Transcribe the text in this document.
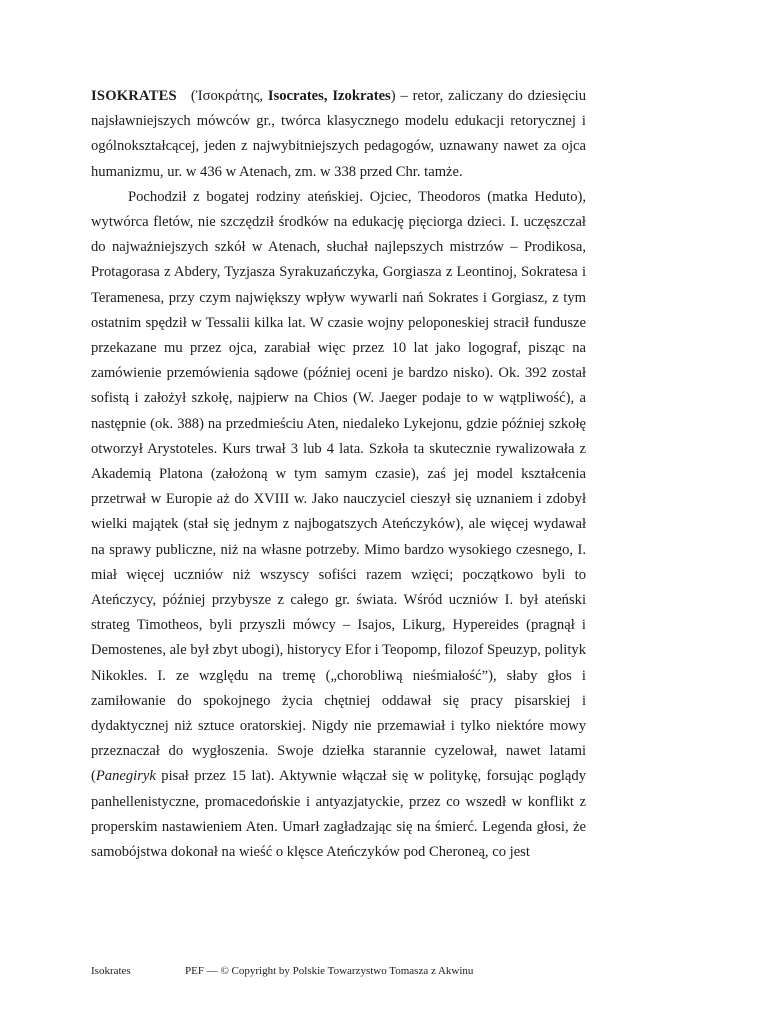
ISOKRATES (Ἰσοκράτης, Isocrates, Izokrates) – retor, zaliczany do dziesięciu najsławniejszych mówców gr., twórca klasycznego modelu edukacji retorycznej i ogólnokształcącej, jeden z najwybitniejszych pedagogów, uznawany nawet za ojca humanizmu, ur. w 436 w Atenach, zm. w 338 przed Chr. tamże.

Pochodził z bogatej rodziny ateńskiej. Ojciec, Theodoros (matka Heduto), wytwórca fletów, nie szczędził środków na edukację pięciorga dzieci. I. uczęszczał do najważniejszych szkół w Atenach, słuchał najlepszych mistrzów – Prodikosa, Protagorasa z Abdery, Tyzjasza Syrakuzańczyka, Gorgiasza z Leontinoj, Sokratesa i Teramenesa, przy czym największy wpływ wywarli nań Sokrates i Gorgiasz, z tym ostatnim spędził w Tessalii kilka lat. W czasie wojny peloponeskiej stracił fundusze przekazane mu przez ojca, zarabiał więc przez 10 lat jako logograf, pisząc na zamówienie przemówienia sądowe (później oceni je bardzo nisko). Ok. 392 został sofistą i założył szkołę, najpierw na Chios (W. Jaeger podaje to w wątpliwość), a następnie (ok. 388) na przedmieściu Aten, niedaleko Lykejonu, gdzie później szkołę otworzył Arystoteles. Kurs trwał 3 lub 4 lata. Szkoła ta skutecznie rywalizowała z Akademią Platona (założoną w tym samym czasie), zaś jej model kształcenia przetrwał w Europie aż do XVIII w. Jako nauczyciel cieszył się uznaniem i zdobył wielki majątek (stał się jednym z najbogatszych Ateńczyków), ale więcej wydawał na sprawy publiczne, niż na własne potrzeby. Mimo bardzo wysokiego czesnego, I. miał więcej uczniów niż wszyscy sofiści razem wzięci; początkowo byli to Ateńczycy, później przybysze z całego gr. świata. Wśród uczniów I. był ateński strateg Timotheos, byli przyszli mówcy – Isajos, Likurg, Hypereides (pragnął i Demostenes, ale był zbyt ubogi), historycy Efor i Teopomp, filozof Speuzyp, polityk Nikokles. I. ze względu na tremę („chorobliwą nieśmiałość”), słaby głos i zamiłowanie do spokojnego życia chętniej oddawał się pracy pisarskiej i dydaktycznej niż sztuce oratorskiej. Nigdy nie przemawiał i tylko niektóre mowy przeznaczał do wygłoszenia. Swoje dziełka starannie cyzelował, nawet latami (Panegiryk pisał przez 15 lat). Aktywnie włączał się w politykę, forsując poglądy panhellenistyczne, promacedońskie i antyazjatyckie, przez co wszedł w konflikt z properskim nastawieniem Aten. Umarł zagładzając się na śmierć. Legenda głosi, że samobójstwa dokonał na wieść o klęsce Ateńczyków pod Cheroneą, co jest

Isokrates	PEF — © Copyright by Polskie Towarzystwo Tomasza z Akwinu
